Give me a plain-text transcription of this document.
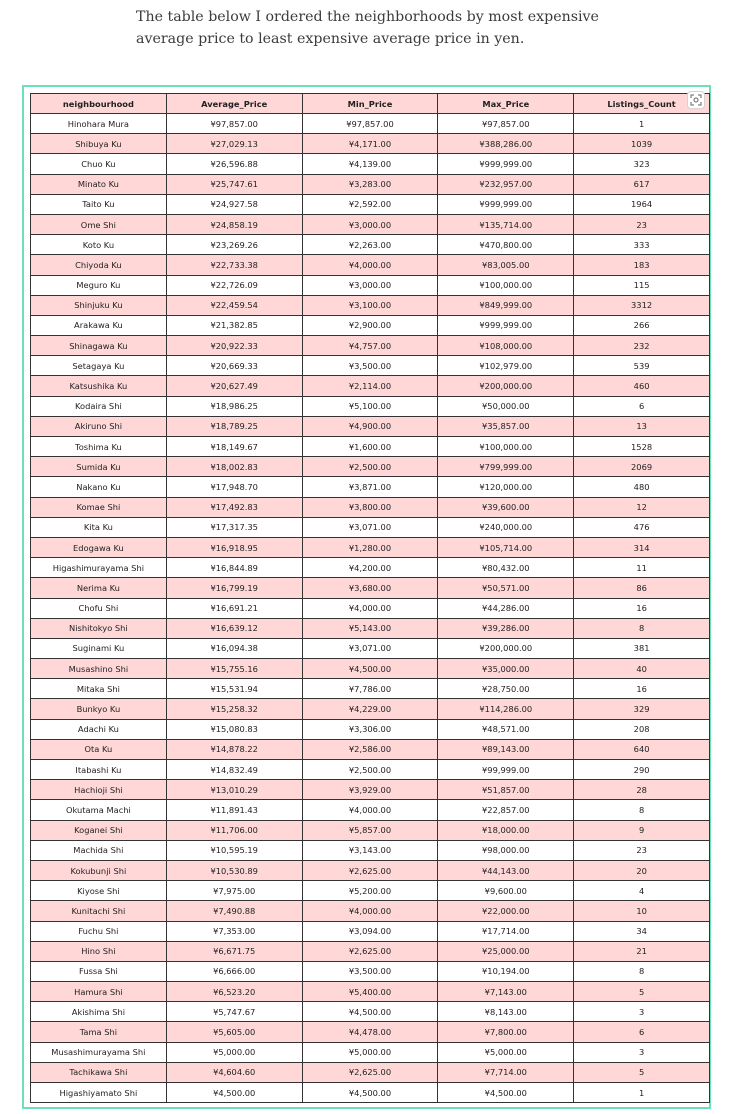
The table below I ordered the neighborhoods by most expensive average price to least expensive average price in yen.

neighbourhood	Average_Price	Min_Price	Max_Price	Listings_Count
Hinohara Mura	¥97,857.00	¥97,857.00	¥97,857.00	1
Shibuya Ku	¥27,029.13	¥4,171.00	¥388,286.00	1039
Chuo Ku	¥26,596.88	¥4,139.00	¥999,999.00	323
Minato Ku	¥25,747.61	¥3,283.00	¥232,957.00	617
Taito Ku	¥24,927.58	¥2,592.00	¥999,999.00	1964
Ome Shi	¥24,858.19	¥3,000.00	¥135,714.00	23
Koto Ku	¥23,269.26	¥2,263.00	¥470,800.00	333
Chiyoda Ku	¥22,733.38	¥4,000.00	¥83,005.00	183
Meguro Ku	¥22,726.09	¥3,000.00	¥100,000.00	115
Shinjuku Ku	¥22,459.54	¥3,100.00	¥849,999.00	3312
Arakawa Ku	¥21,382.85	¥2,900.00	¥999,999.00	266
Shinagawa Ku	¥20,922.33	¥4,757.00	¥108,000.00	232
Setagaya Ku	¥20,669.33	¥3,500.00	¥102,979.00	539
Katsushika Ku	¥20,627.49	¥2,114.00	¥200,000.00	460
Kodaira Shi	¥18,986.25	¥5,100.00	¥50,000.00	6
Akiruno Shi	¥18,789.25	¥4,900.00	¥35,857.00	13
Toshima Ku	¥18,149.67	¥1,600.00	¥100,000.00	1528
Sumida Ku	¥18,002.83	¥2,500.00	¥799,999.00	2069
Nakano Ku	¥17,948.70	¥3,871.00	¥120,000.00	480
Komae Shi	¥17,492.83	¥3,800.00	¥39,600.00	12
Kita Ku	¥17,317.35	¥3,071.00	¥240,000.00	476
Edogawa Ku	¥16,918.95	¥1,280.00	¥105,714.00	314
Higashimurayama Shi	¥16,844.89	¥4,200.00	¥80,432.00	11
Nerima Ku	¥16,799.19	¥3,680.00	¥50,571.00	86
Chofu Shi	¥16,691.21	¥4,000.00	¥44,286.00	16
Nishitokyo Shi	¥16,639.12	¥5,143.00	¥39,286.00	8
Suginami Ku	¥16,094.38	¥3,071.00	¥200,000.00	381
Musashino Shi	¥15,755.16	¥4,500.00	¥35,000.00	40
Mitaka Shi	¥15,531.94	¥7,786.00	¥28,750.00	16
Bunkyo Ku	¥15,258.32	¥4,229.00	¥114,286.00	329
Adachi Ku	¥15,080.83	¥3,306.00	¥48,571.00	208
Ota Ku	¥14,878.22	¥2,586.00	¥89,143.00	640
Itabashi Ku	¥14,832.49	¥2,500.00	¥99,999.00	290
Hachioji Shi	¥13,010.29	¥3,929.00	¥51,857.00	28
Okutama Machi	¥11,891.43	¥4,000.00	¥22,857.00	8
Koganei Shi	¥11,706.00	¥5,857.00	¥18,000.00	9
Machida Shi	¥10,595.19	¥3,143.00	¥98,000.00	23
Kokubunji Shi	¥10,530.89	¥2,625.00	¥44,143.00	20
Kiyose Shi	¥7,975.00	¥5,200.00	¥9,600.00	4
Kunitachi Shi	¥7,490.88	¥4,000.00	¥22,000.00	10
Fuchu Shi	¥7,353.00	¥3,094.00	¥17,714.00	34
Hino Shi	¥6,671.75	¥2,625.00	¥25,000.00	21
Fussa Shi	¥6,666.00	¥3,500.00	¥10,194.00	8
Hamura Shi	¥6,523.20	¥5,400.00	¥7,143.00	5
Akishima Shi	¥5,747.67	¥4,500.00	¥8,143.00	3
Tama Shi	¥5,605.00	¥4,478.00	¥7,800.00	6
Musashimurayama Shi	¥5,000.00	¥5,000.00	¥5,000.00	3
Tachikawa Shi	¥4,604.60	¥2,625.00	¥7,714.00	5
Higashiyamato Shi	¥4,500.00	¥4,500.00	¥4,500.00	1
